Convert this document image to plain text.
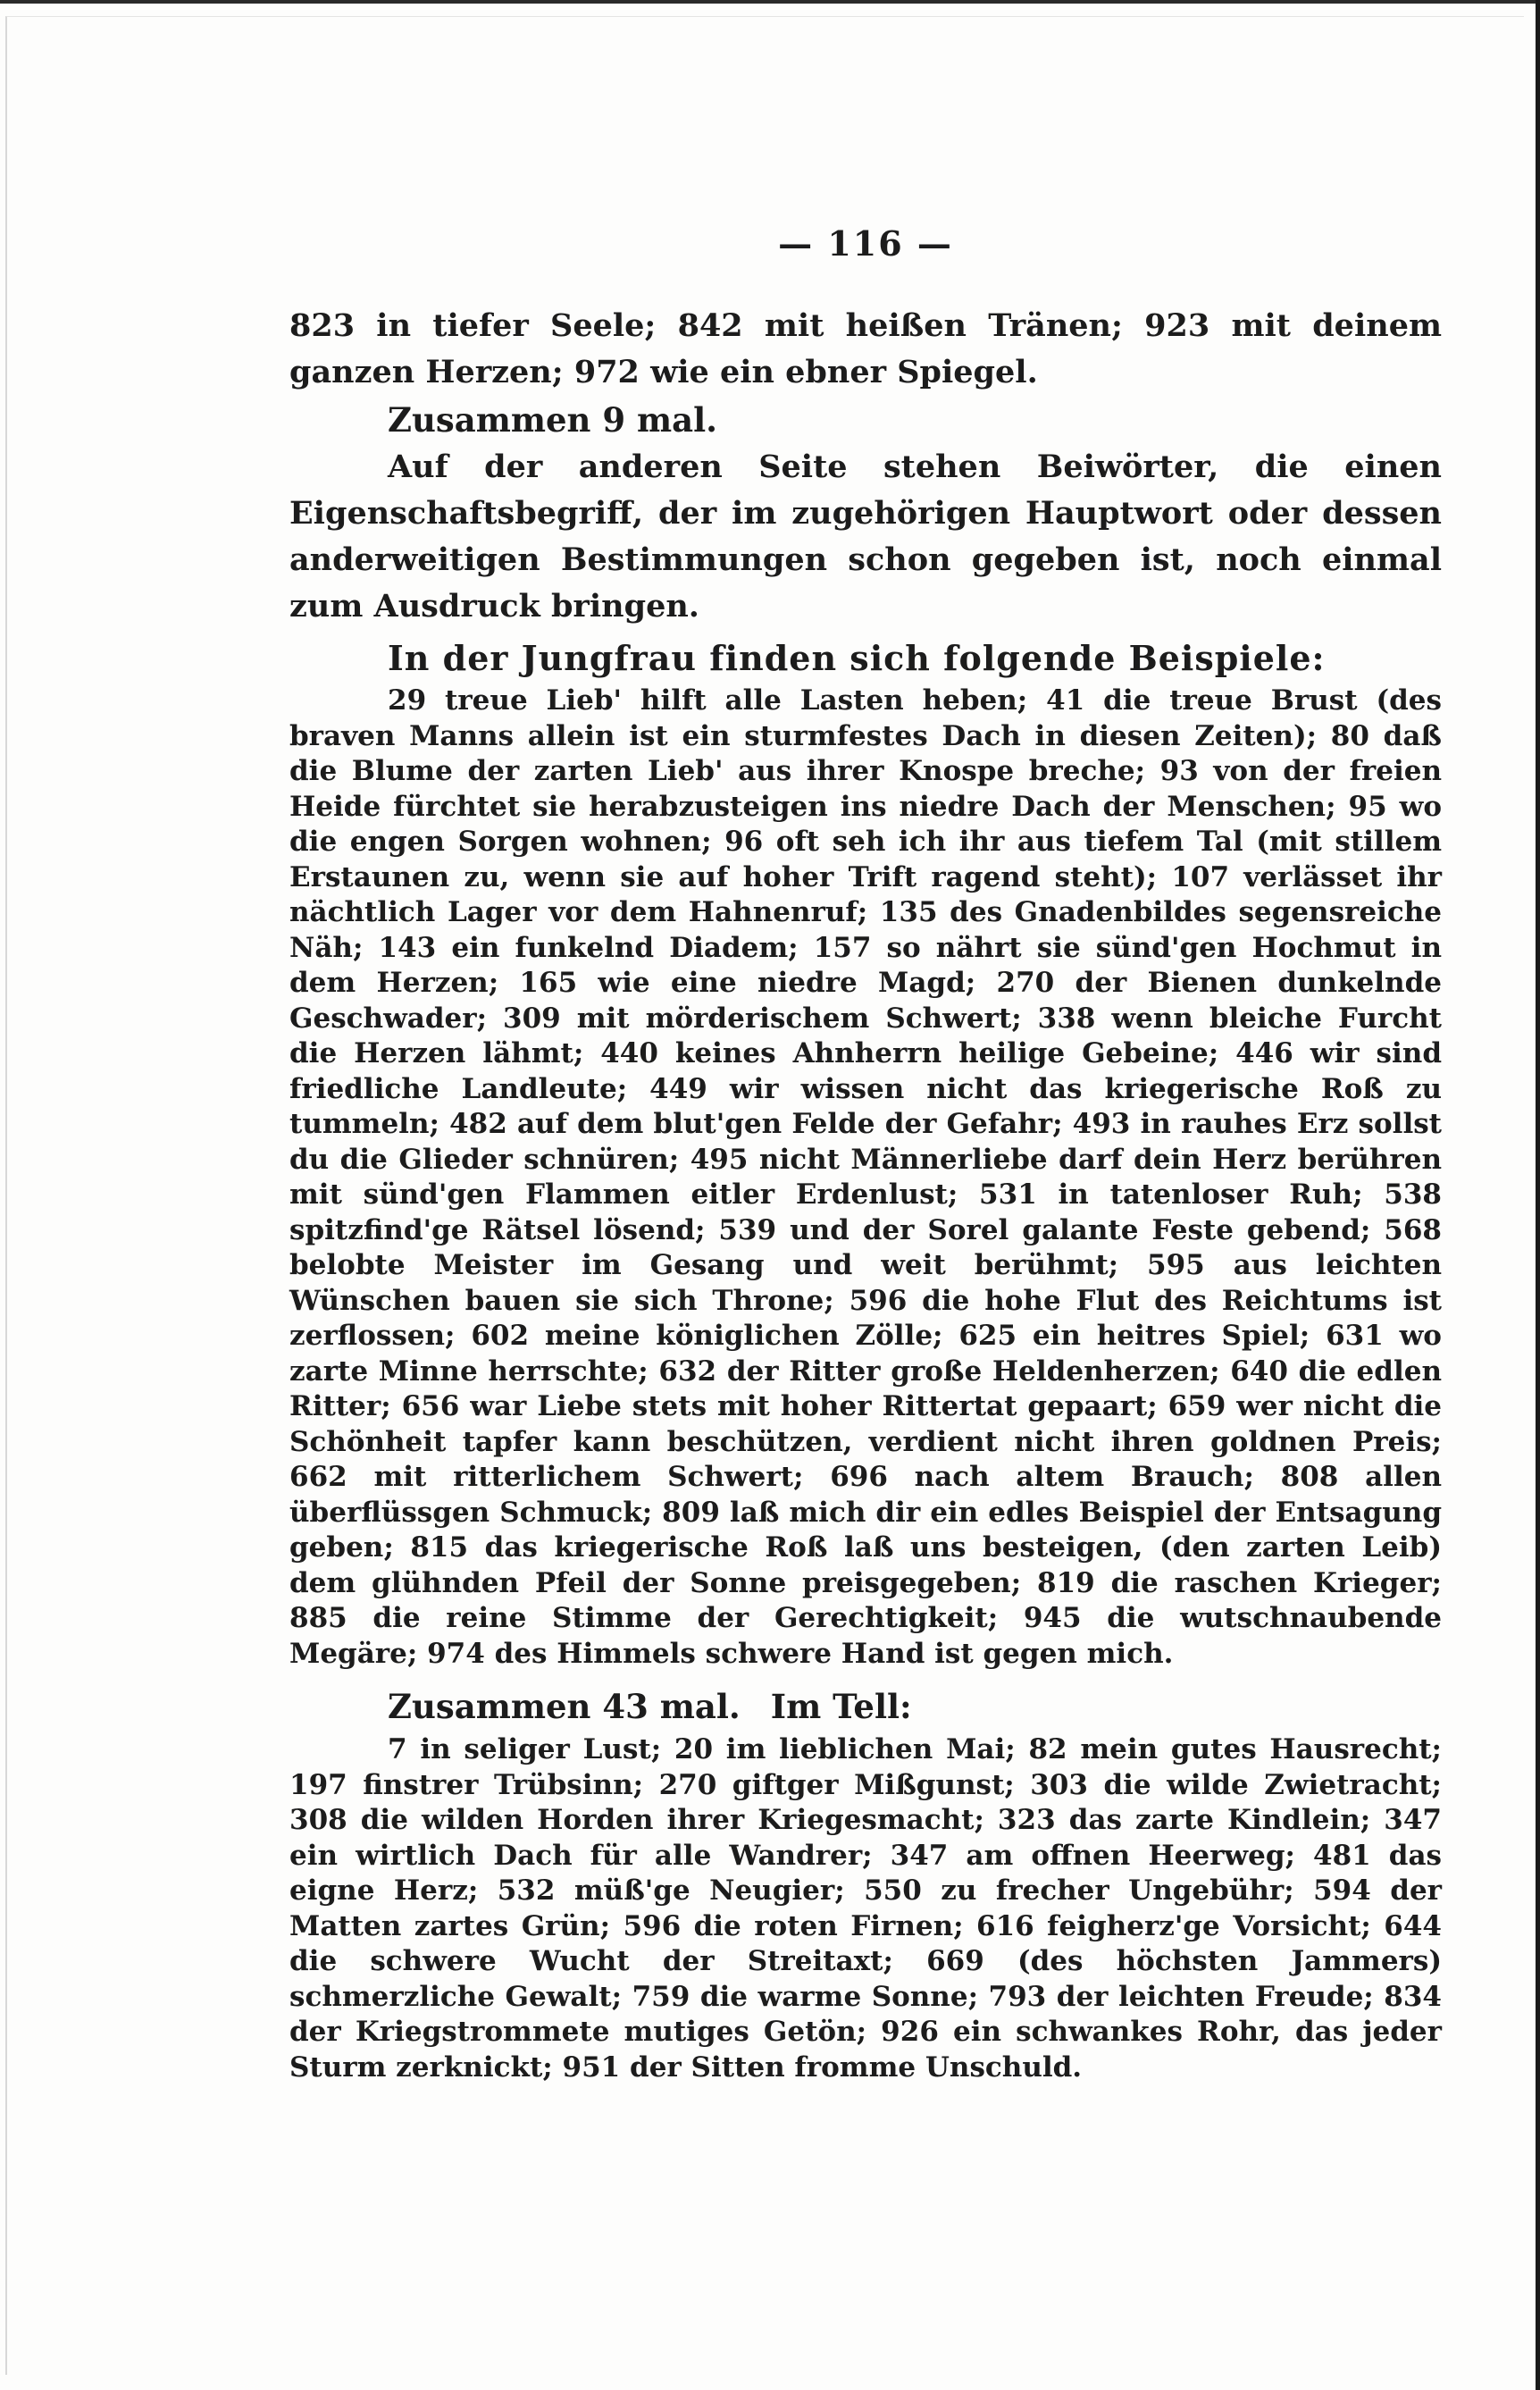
— 116 —

823 in tiefer Seele; 842 mit heißen Tränen; 923 mit deinem ganzen Herzen; 972 wie ein ebner Spiegel.

Zusammen 9 mal.

Auf der anderen Seite stehen Beiwörter, die einen Eigenschaftsbegriff, der im zugehörigen Hauptwort oder dessen anderweitigen Bestimmungen schon gegeben ist, noch einmal zum Ausdruck bringen.

In der Jungfrau finden sich folgende Beispiele:

29 treue Lieb' hilft alle Lasten heben; 41 die treue Brust (des braven Manns allein ist ein sturmfestes Dach in diesen Zeiten); 80 daß die Blume der zarten Lieb' aus ihrer Knospe breche; 93 von der freien Heide fürchtet sie herabzusteigen ins niedre Dach der Menschen; 95 wo die engen Sorgen wohnen; 96 oft seh ich ihr aus tiefem Tal (mit stillem Erstaunen zu, wenn sie auf hoher Trift ragend steht); 107 verlässet ihr nächtlich Lager vor dem Hahnenruf; 135 des Gnadenbildes segensreiche Näh; 143 ein funkelnd Diadem; 157 so nährt sie sünd'gen Hochmut in dem Herzen; 165 wie eine niedre Magd; 270 der Bienen dunkelnde Geschwader; 309 mit mörderischem Schwert; 338 wenn bleiche Furcht die Herzen lähmt; 440 keines Ahnherrn heilige Gebeine; 446 wir sind friedliche Landleute; 449 wir wissen nicht das kriegerische Roß zu tummeln; 482 auf dem blut'gen Felde der Gefahr; 493 in rauhes Erz sollst du die Glieder schnüren; 495 nicht Männerliebe darf dein Herz berühren mit sünd'gen Flammen eitler Erdenlust; 531 in tatenloser Ruh; 538 spitzfind'ge Rätsel lösend; 539 und der Sorel galante Feste gebend; 568 belobte Meister im Gesang und weit berühmt; 595 aus leichten Wünschen bauen sie sich Throne; 596 die hohe Flut des Reichtums ist zerflossen; 602 meine königlichen Zölle; 625 ein heitres Spiel; 631 wo zarte Minne herrschte; 632 der Ritter große Heldenherzen; 640 die edlen Ritter; 656 war Liebe stets mit hoher Rittertat gepaart; 659 wer nicht die Schönheit tapfer kann beschützen, verdient nicht ihren goldnen Preis; 662 mit ritterlichem Schwert; 696 nach altem Brauch; 808 allen überflüssgen Schmuck; 809 laß mich dir ein edles Beispiel der Entsagung geben; 815 das kriegerische Roß laß uns besteigen, (den zarten Leib) dem glühnden Pfeil der Sonne preisgegeben; 819 die raschen Krieger; 885 die reine Stimme der Gerechtigkeit; 945 die wutschnaubende Megäre; 974 des Himmels schwere Hand ist gegen mich.

Zusammen 43 mal. Im Tell:

7 in seliger Lust; 20 im lieblichen Mai; 82 mein gutes Hausrecht; 197 finstrer Trübsinn; 270 giftger Mißgunst; 303 die wilde Zwietracht; 308 die wilden Horden ihrer Kriegesmacht; 323 das zarte Kindlein; 347 ein wirtlich Dach für alle Wandrer; 347 am offnen Heerweg; 481 das eigne Herz; 532 müß'ge Neugier; 550 zu frecher Ungebühr; 594 der Matten zartes Grün; 596 die roten Firnen; 616 feigherz'ge Vorsicht; 644 die schwere Wucht der Streitaxt; 669 (des höchsten Jammers) schmerzliche Gewalt; 759 die warme Sonne; 793 der leichten Freude; 834 der Kriegstrommete mutiges Getön; 926 ein schwankes Rohr, das jeder Sturm zerknickt; 951 der Sitten fromme Unschuld.
